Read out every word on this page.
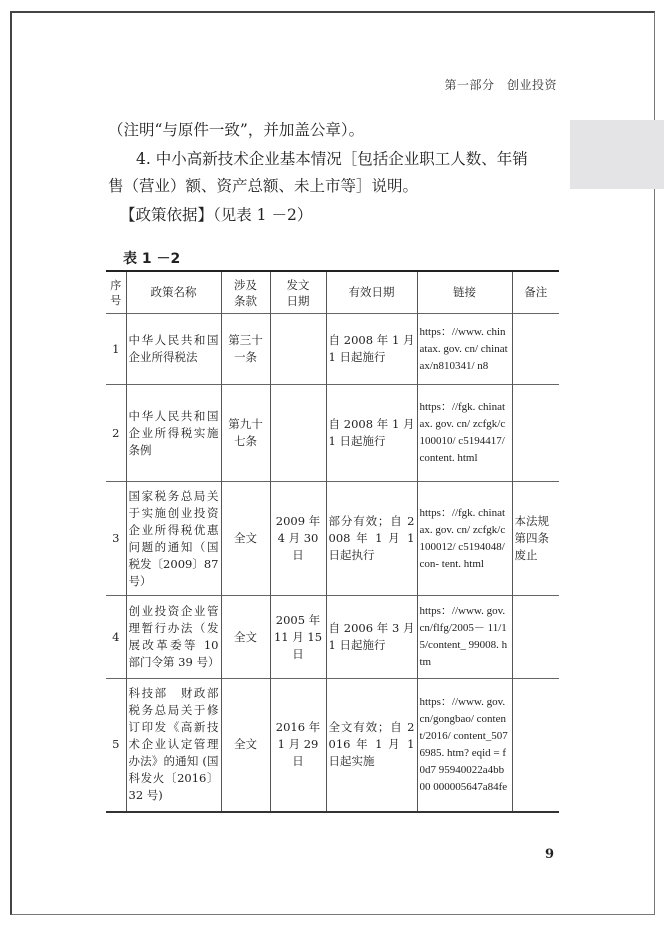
第一部分　创业投资
（注明“与原件一致”，并加盖公章）。
4. 中小高新技术企业基本情况［包括企业职工人数、年销
售（营业）额、资产总额、未上市等］说明。
【政策依据】（见表 1 －2）
表 1 －2
序号	政策名称	涉及条款	发文日期	有效日期	链接	备注
1	中华人民共和国企业所得税法	第三十一条		自 2008 年 1 月 1 日起施行	https：//www. chinatax. gov. cn/ chinatax/n810341/ n8	
2	中华人民共和国企业所得税实施条例	第九十七条		自 2008 年 1 月 1 日起施行	https：//fgk. chinatax. gov. cn/ zcfgk/c100010/ c5194417/content. html	
3	国家税务总局关于实施创业投资企业所得税优惠问题的通知（国税发〔2009〕87 号）	全文	2009 年 4 月 30 日	部分有效；自 2008 年 1 月 1 日起执行	https：//fgk. chinatax. gov. cn/ zcfgk/c100012/ c5194048/con- tent. html	本法规第四条废止
4	创业投资企业管理暂行办法（发展改革委等 10 部门令第 39 号）	全文	2005 年 11 月 15 日	自 2006 年 3 月 1 日起施行	https：//www. gov. cn/flfg/2005－ 11/15/content_ 99008. htm	
5	科技部　财政部 税务总局关于修订印发《高新技术企业认定管理办法》的通知 (国科发火〔2016〕 32 号)	全文	2016 年 1 月 29 日	全文有效；自 2016 年 1 月 1 日起实施	https：//www. gov. cn/gongbao/ content/2016/ content_5076985. htm? eqid = f0d7 95940022a4bb00 000005647a84fe	
9
